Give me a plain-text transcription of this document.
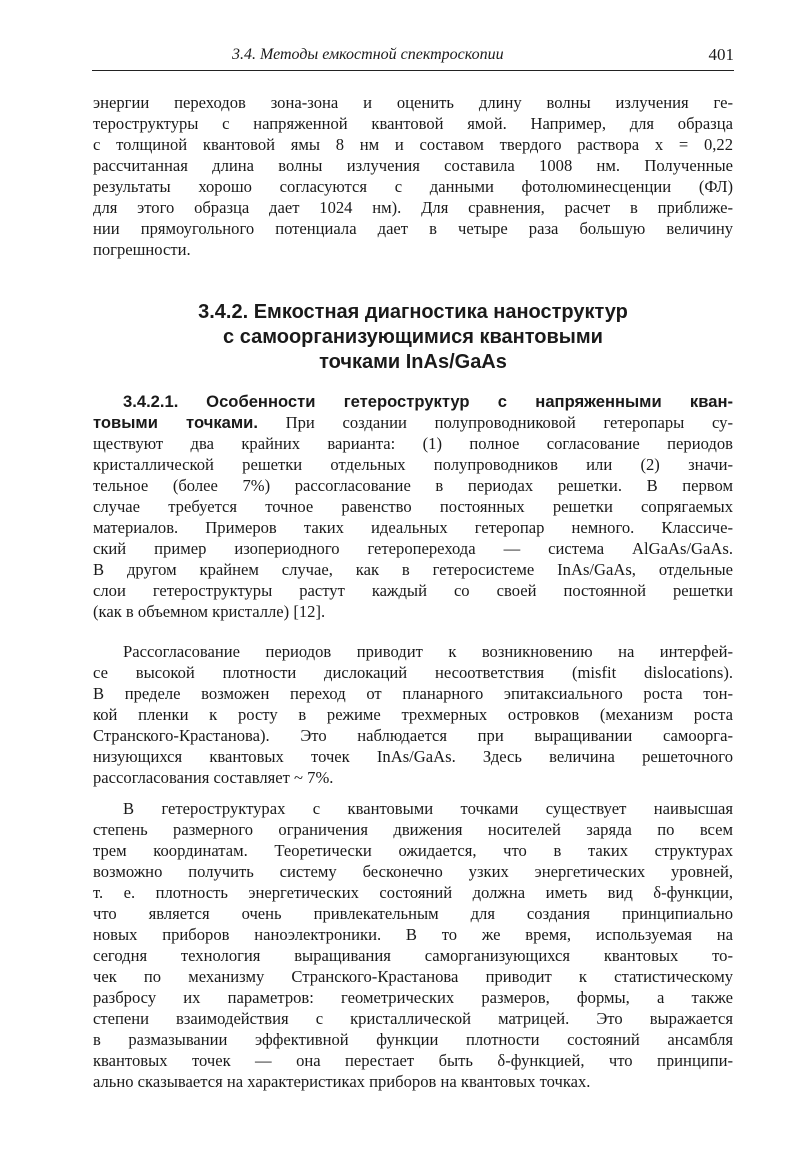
3.4. Методы емкостной спектроскопии	401
энергии переходов зона-зона и оценить длину волны излучения ге-
тероструктуры с напряженной квантовой ямой. Например, для образца
с толщиной квантовой ямы 8 нм и составом твердого раствора x = 0,22
рассчитанная длина волны излучения составила 1008 нм. Полученные
результаты хорошо согласуются с данными фотолюминесценции (ФЛ)
для этого образца дает 1024 нм). Для сравнения, расчет в приближе-
нии прямоугольного потенциала дает в четыре раза большую величину
погрешности.
3.4.2. Емкостная диагностика наноструктур
с самоорганизующимися квантовыми
точками InAs/GaAs
3.4.2.1. Особенности гетероструктур с напряженными кван-
товыми точками. При создании полупроводниковой гетеропары су-
ществуют два крайних варианта: (1) полное согласование периодов
кристаллической решетки отдельных полупроводников или (2) значи-
тельное (более 7%) рассогласование в периодах решетки. В первом
случае требуется точное равенство постоянных решетки сопрягаемых
материалов. Примеров таких идеальных гетеропар немного. Классиче-
ский пример изопериодного гетероперехода — система AlGaAs/GaAs.
В другом крайнем случае, как в гетеросистеме InAs/GaAs, отдельные
слои гетероструктуры растут каждый со своей постоянной решетки
(как в объемном кристалле) [12].
Рассогласование периодов приводит к возникновению на интерфей-
се высокой плотности дислокаций несоответствия (misfit dislocations).
В пределе возможен переход от планарного эпитаксиального роста тон-
кой пленки к росту в режиме трехмерных островков (механизм роста
Странского-Крастанова). Это наблюдается при выращивании самоорга-
низующихся квантовых точек InAs/GaAs. Здесь величина решеточного
рассогласования составляет ~ 7%.
В гетероструктурах с квантовыми точками существует наивысшая
степень размерного ограничения движения носителей заряда по всем
трем координатам. Теоретически ожидается, что в таких структурах
возможно получить систему бесконечно узких энергетических уровней,
т. е. плотность энергетических состояний должна иметь вид δ-функции,
что является очень привлекательным для создания принципиально
новых приборов наноэлектроники. В то же время, используемая на
сегодня технология выращивания саморганизующихся квантовых то-
чек по механизму Странского-Крастанова приводит к статистическому
разбросу их параметров: геометрических размеров, формы, а также
степени взаимодействия с кристаллической матрицей. Это выражается
в размазывании эффективной функции плотности состояний ансамбля
квантовых точек — она перестает быть δ-функцией, что принципи-
ально сказывается на характеристиках приборов на квантовых точках.
